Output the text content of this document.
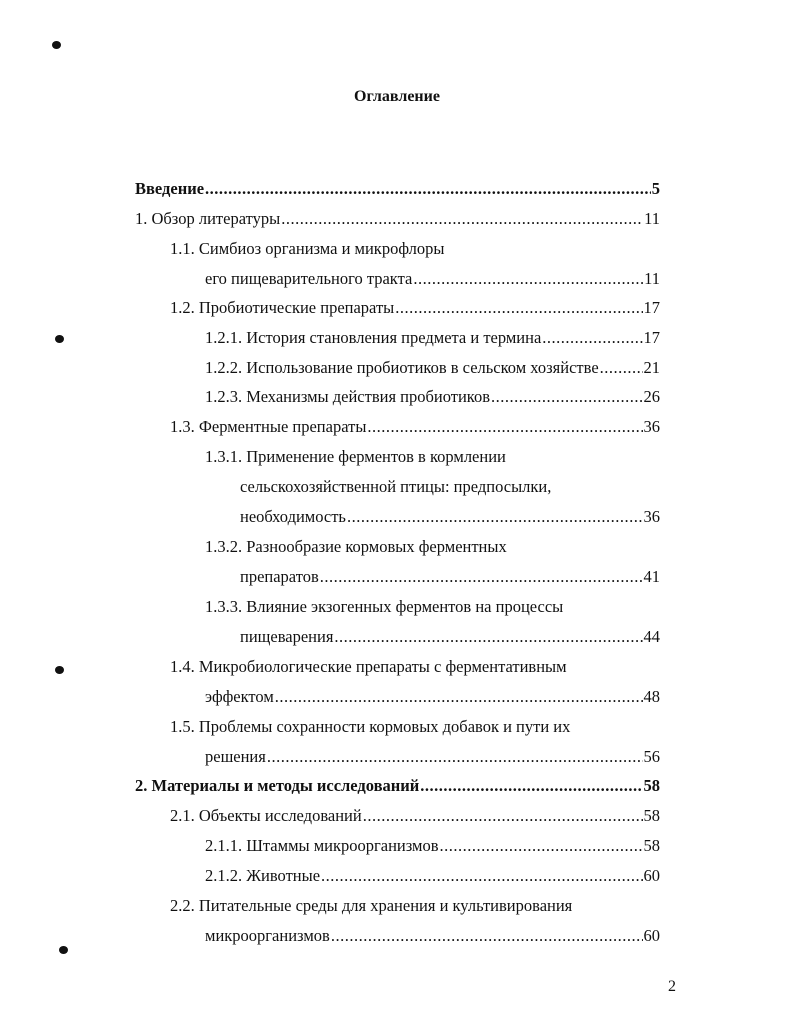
Оглавление
Введение .....	5
1. Обзор литературы .....	11
1.1. Симбиоз организма и микрофлоры
его пищеварительного тракта .....	11
1.2. Пробиотические препараты .....	17
1.2.1. История становления предмета и термина .....	17
1.2.2. Использование пробиотиков в сельском хозяйстве .....	21
1.2.3. Механизмы действия пробиотиков .....	26
1.3. Ферментные препараты .....	36
1.3.1. Применение ферментов в кормлении
сельскохозяйственной птицы: предпосылки,
необходимость .....	36
1.3.2. Разнообразие кормовых ферментных
препаратов .....	41
1.3.3. Влияние экзогенных ферментов на процессы
пищеварения .....	44
1.4. Микробиологические препараты с ферментативным
эффектом .....	48
1.5. Проблемы сохранности кормовых добавок и пути их
решения .....	56
2. Материалы и методы исследований .....	58
2.1. Объекты исследований .....	58
2.1.1. Штаммы микроорганизмов .....	58
2.1.2. Животные .....	60
2.2. Питательные среды для хранения и культивирования
микроорганизмов .....	60
2
